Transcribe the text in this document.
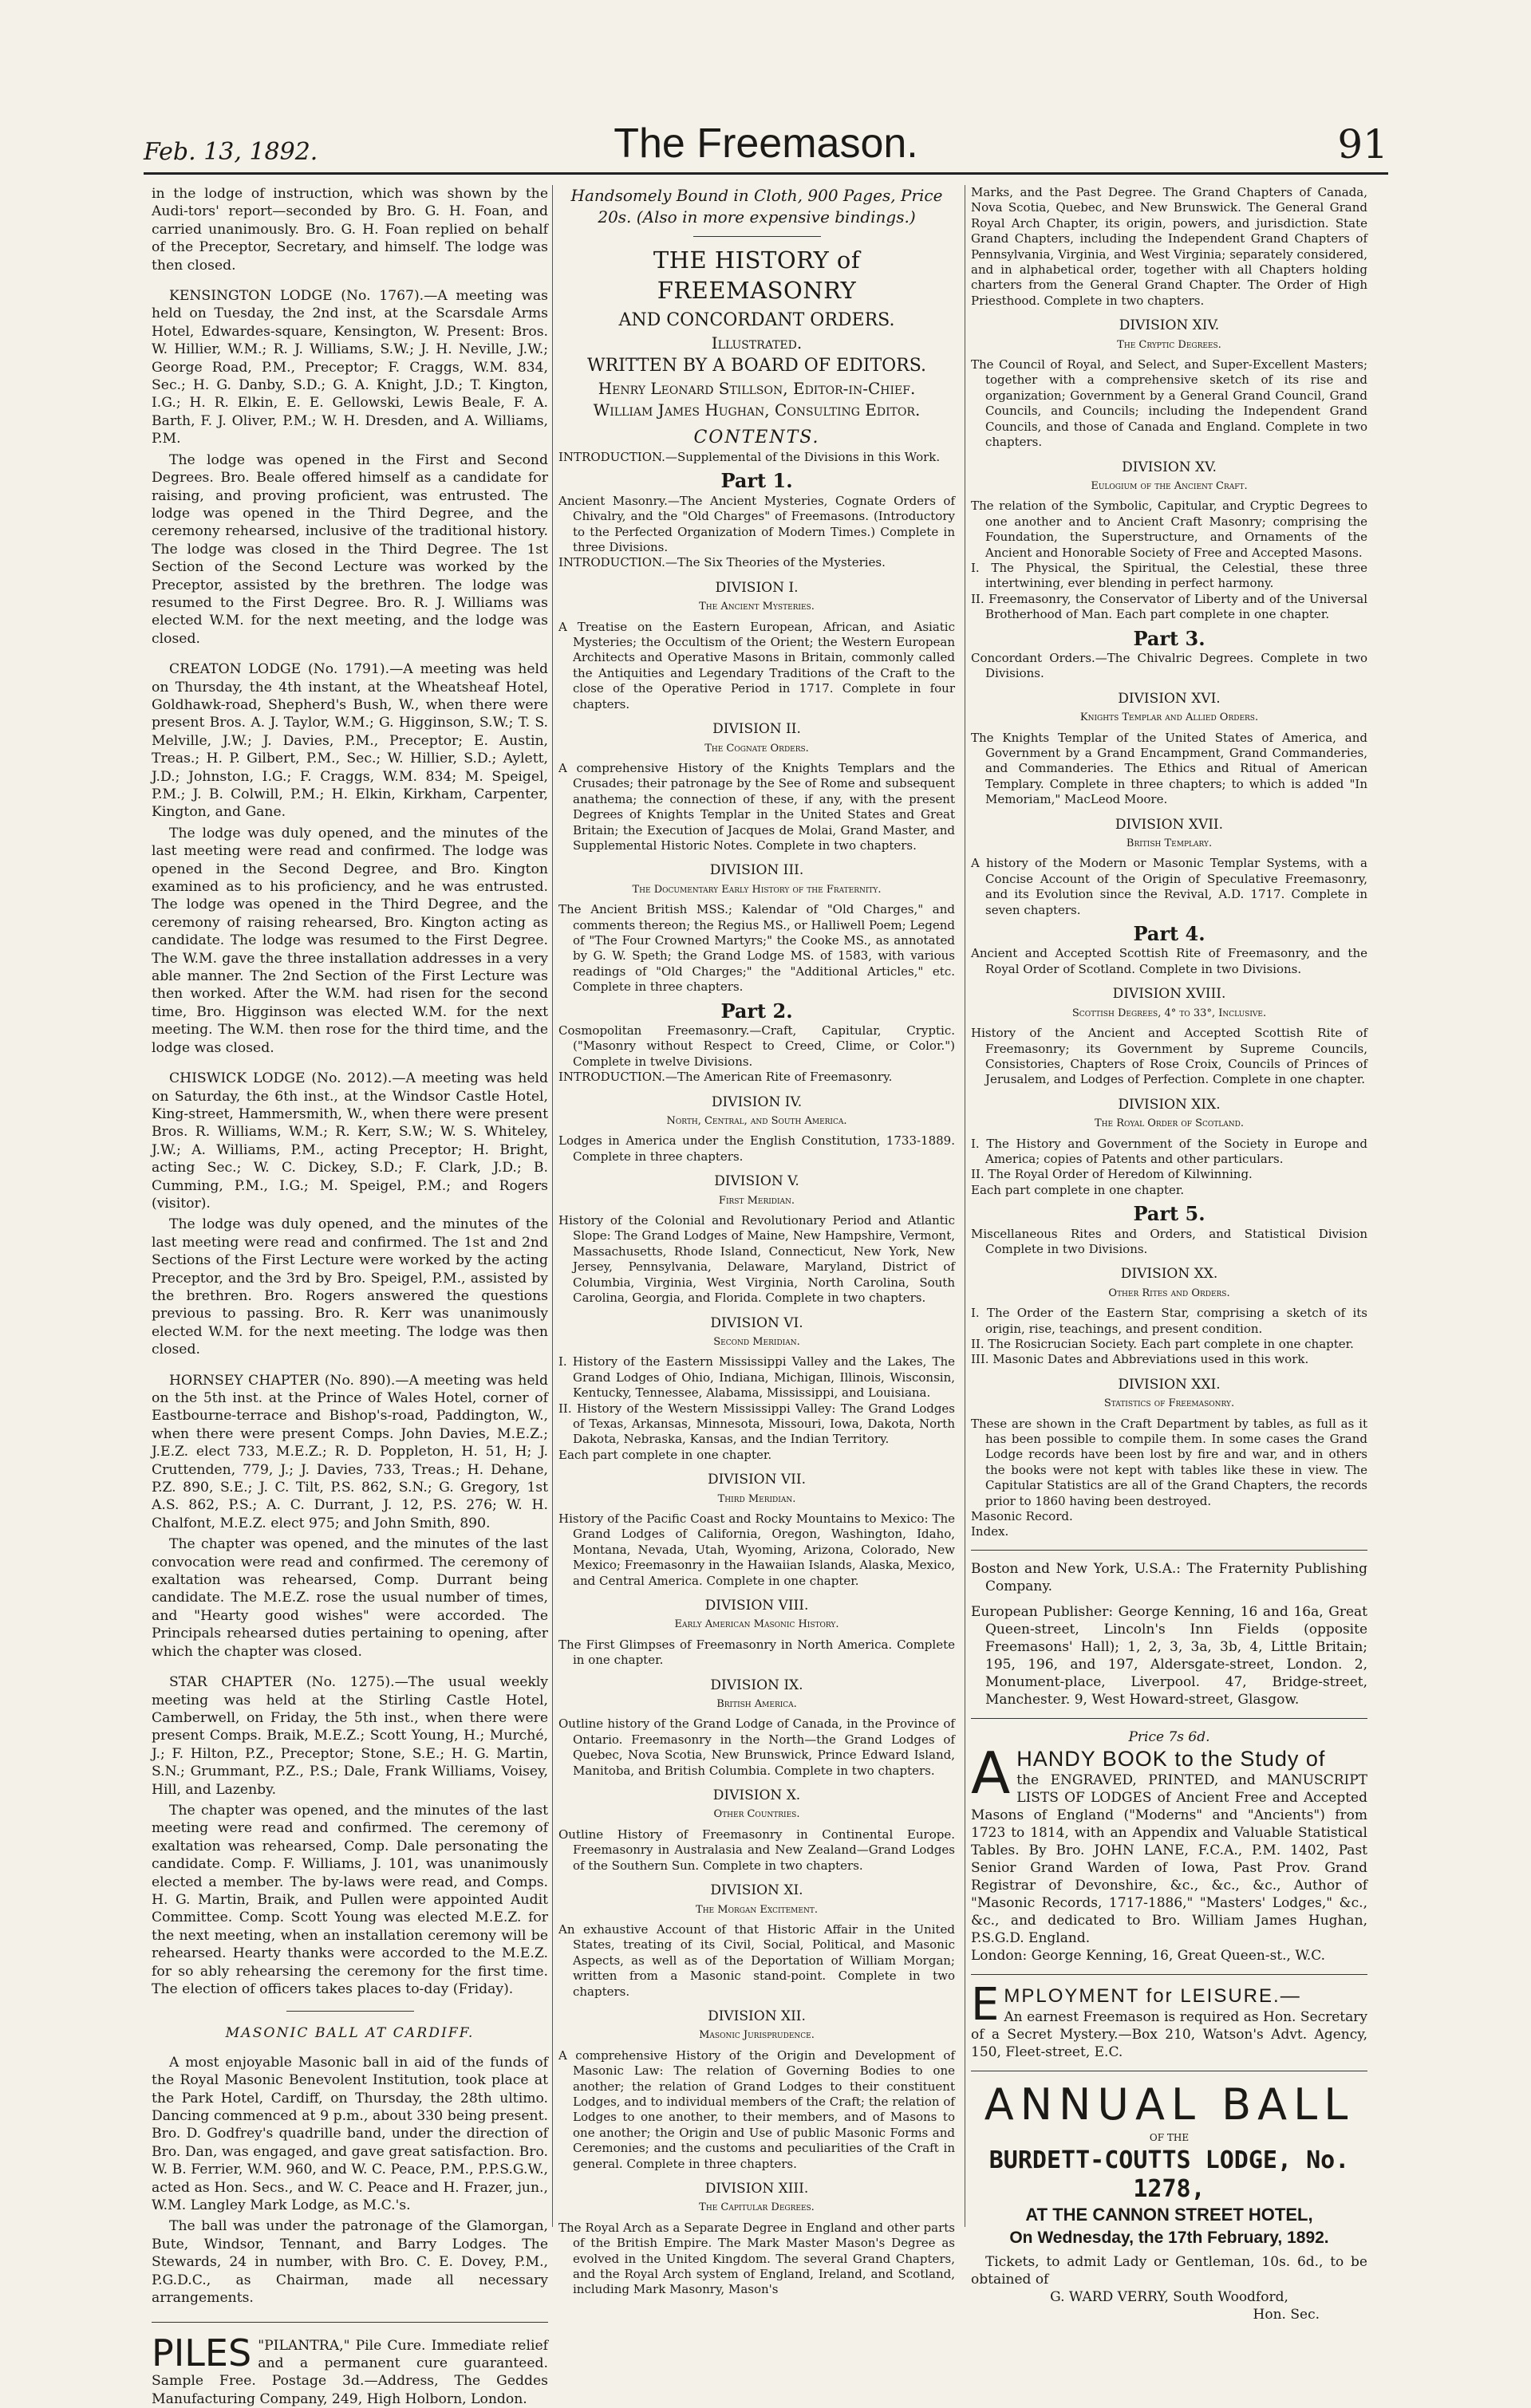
Feb. 13, 1892.	The Freemason.	91

in the lodge of instruction, which was shown by the Audi-tors' report—seconded by Bro. G. H. Foan, and carried unanimously. Bro. G. H. Foan replied on behalf of the Preceptor, Secretary, and himself. The lodge was then closed.

KENSINGTON LODGE (No. 1767).—A meeting was held on Tuesday, the 2nd inst, at the Scarsdale Arms Hotel, Edwardes-square, Kensington, W. Present: Bros. W. Hillier, W.M.; R. J. Williams, S.W.; J. H. Neville, J.W.; George Road, P.M., Preceptor; F. Craggs, W.M. 834, Sec.; H. G. Danby, S.D.; G. A. Knight, J.D.; T. Kington, I.G.; H. R. Elkin, E. E. Gellowski, Lewis Beale, F. A. Barth, F. J. Oliver, P.M.; W. H. Dresden, and A. Williams, P.M.

The lodge was opened in the First and Second Degrees. Bro. Beale offered himself as a candidate for raising, and proving proficient, was entrusted. The lodge was opened in the Third Degree, and the ceremony rehearsed, inclusive of the traditional history. The lodge was closed in the Third Degree. The 1st Section of the Second Lecture was worked by the Preceptor, assisted by the brethren. The lodge was resumed to the First Degree. Bro. R. J. Williams was elected W.M. for the next meeting, and the lodge was closed.

CREATON LODGE (No. 1791).—A meeting was held on Thursday, the 4th instant, at the Wheatsheaf Hotel, Goldhawk-road, Shepherd's Bush, W., when there were present Bros. A. J. Taylor, W.M.; G. Higginson, S.W.; T. S. Melville, J.W.; J. Davies, P.M., Preceptor; E. Austin, Treas.; H. P. Gilbert, P.M., Sec.; W. Hillier, S.D.; Aylett, J.D.; Johnston, I.G.; F. Craggs, W.M. 834; M. Speigel, P.M.; J. B. Colwill, P.M.; H. Elkin, Kirkham, Carpenter, Kington, and Gane.

The lodge was duly opened, and the minutes of the last meeting were read and confirmed. The lodge was opened in the Second Degree, and Bro. Kington examined as to his proficiency, and he was entrusted. The lodge was opened in the Third Degree, and the ceremony of raising rehearsed, Bro. Kington acting as candidate. The lodge was resumed to the First Degree. The W.M. gave the three installation addresses in a very able manner. The 2nd Section of the First Lecture was then worked. After the W.M. had risen for the second time, Bro. Higginson was elected W.M. for the next meeting. The W.M. then rose for the third time, and the lodge was closed.

CHISWICK LODGE (No. 2012).—A meeting was held on Saturday, the 6th inst., at the Windsor Castle Hotel, King-street, Hammersmith, W., when there were present Bros. R. Williams, W.M.; R. Kerr, S.W.; W. S. Whiteley, J.W.; A. Williams, P.M., acting Preceptor; H. Bright, acting Sec.; W. C. Dickey, S.D.; F. Clark, J.D.; B. Cumming, P.M., I.G.; M. Speigel, P.M.; and Rogers (visitor).

The lodge was duly opened, and the minutes of the last meeting were read and confirmed. The 1st and 2nd Sections of the First Lecture were worked by the acting Preceptor, and the 3rd by Bro. Speigel, P.M., assisted by the brethren. Bro. Rogers answered the questions previous to passing. Bro. R. Kerr was unanimously elected W.M. for the next meeting. The lodge was then closed.

HORNSEY CHAPTER (No. 890).—A meeting was held on the 5th inst. at the Prince of Wales Hotel, corner of Eastbourne-terrace and Bishop's-road, Paddington, W., when there were present Comps. John Davies, M.E.Z.; J.E.Z. elect 733, M.E.Z.; R. D. Poppleton, H. 51, H; J. Cruttenden, 779, J.; J. Davies, 733, Treas.; H. Dehane, P.Z. 890, S.E.; J. C. Tilt, P.S. 862, S.N.; G. Gregory, 1st A.S. 862, P.S.; A. C. Durrant, J. 12, P.S. 276; W. H. Chalfont, M.E.Z. elect 975; and John Smith, 890.

The chapter was opened, and the minutes of the last convocation were read and confirmed. The ceremony of exaltation was rehearsed, Comp. Durrant being candidate. The M.E.Z. rose the usual number of times, and "Hearty good wishes" were accorded. The Principals rehearsed duties pertaining to opening, after which the chapter was closed.

STAR CHAPTER (No. 1275).—The usual weekly meeting was held at the Stirling Castle Hotel, Camberwell, on Friday, the 5th inst., when there were present Comps. Braik, M.E.Z.; Scott Young, H.; Murché, J.; F. Hilton, P.Z., Preceptor; Stone, S.E.; H. G. Martin, S.N.; Grummant, P.Z., P.S.; Dale, Frank Williams, Voisey, Hill, and Lazenby.

The chapter was opened, and the minutes of the last meeting were read and confirmed. The ceremony of exaltation was rehearsed, Comp. Dale personating the candidate. Comp. F. Williams, J. 101, was unanimously elected a member. The by-laws were read, and Comps. H. G. Martin, Braik, and Pullen were appointed Audit Committee. Comp. Scott Young was elected M.E.Z. for the next meeting, when an installation ceremony will be rehearsed. Hearty thanks were accorded to the M.E.Z. for so ably rehearsing the ceremony for the first time. The election of officers takes places to-day (Friday).

MASONIC BALL AT CARDIFF.

A most enjoyable Masonic ball in aid of the funds of the Royal Masonic Benevolent Institution, took place at the Park Hotel, Cardiff, on Thursday, the 28th ultimo. Dancing commenced at 9 p.m., about 330 being present. Bro. D. Godfrey's quadrille band, under the direction of Bro. Dan, was engaged, and gave great satisfaction. Bro. W. B. Ferrier, W.M. 960, and W. C. Peace, P.M., P.P.S.G.W., acted as Hon. Secs., and W. C. Peace and H. Frazer, jun., W.M. Langley Mark Lodge, as M.C.'s.

The ball was under the patronage of the Glamorgan, Bute, Windsor, Tennant, and Barry Lodges. The Stewards, 24 in number, with Bro. C. E. Dovey, P.M., P.G.D.C., as Chairman, made all necessary arrangements.

PILES "PILANTRA," Pile Cure. Immediate relief and a permanent cure guaranteed. Sample Free. Postage 3d.—Address, The Geddes Manufacturing Company, 249, High Holborn, London.

Handsomely Bound in Cloth, 900 Pages, Price 20s. (Also in more expensive bindings.)

THE HISTORY of FREEMASONRY

AND CONCORDANT ORDERS.

Illustrated.

WRITTEN BY A BOARD OF EDITORS.

Henry Leonard Stillson, Editor-in-Chief.

William James Hughan, Consulting Editor.

CONTENTS.

INTRODUCTION.—Supplemental of the Divisions in this Work.

Part 1.

Ancient Masonry.—The Ancient Mysteries, Cognate Orders of Chivalry, and the "Old Charges" of Freemasons. (Introductory to the Perfected Organization of Modern Times.) Complete in three Divisions.

INTRODUCTION.—The Six Theories of the Mysteries.

DIVISION I.

The Ancient Mysteries.

A Treatise on the Eastern European, African, and Asiatic Mysteries; the Occultism of the Orient; the Western European Architects and Operative Masons in Britain, commonly called the Antiquities and Legendary Traditions of the Craft to the close of the Operative Period in 1717. Complete in four chapters.

DIVISION II.

The Cognate Orders.

A comprehensive History of the Knights Templars and the Crusades; their patronage by the See of Rome and subsequent anathema; the connection of these, if any, with the present Degrees of Knights Templar in the United States and Great Britain; the Execution of Jacques de Molai, Grand Master, and Supplemental Historic Notes. Complete in two chapters.

DIVISION III.

The Documentary Early History of the Fraternity.

The Ancient British MSS.; Kalendar of "Old Charges," and comments thereon; the Regius MS., or Halliwell Poem; Legend of "The Four Crowned Martyrs;" the Cooke MS., as annotated by G. W. Speth; the Grand Lodge MS. of 1583, with various readings of "Old Charges;" the "Additional Articles," etc. Complete in three chapters.

Part 2.

Cosmopolitan Freemasonry.—Craft, Capitular, Cryptic. ("Masonry without Respect to Creed, Clime, or Color.") Complete in twelve Divisions.

INTRODUCTION.—The American Rite of Freemasonry.

DIVISION IV.

North, Central, and South America.

Lodges in America under the English Constitution, 1733-1889. Complete in three chapters.

DIVISION V.

First Meridian.

History of the Colonial and Revolutionary Period and Atlantic Slope: The Grand Lodges of Maine, New Hampshire, Vermont, Massachusetts, Rhode Island, Connecticut, New York, New Jersey, Pennsylvania, Delaware, Maryland, District of Columbia, Virginia, West Virginia, North Carolina, South Carolina, Georgia, and Florida. Complete in two chapters.

DIVISION VI.

Second Meridian.

I. History of the Eastern Mississippi Valley and the Lakes, The Grand Lodges of Ohio, Indiana, Michigan, Illinois, Wisconsin, Kentucky, Tennessee, Alabama, Mississippi, and Louisiana.

II. History of the Western Mississippi Valley: The Grand Lodges of Texas, Arkansas, Minnesota, Missouri, Iowa, Dakota, North Dakota, Nebraska, Kansas, and the Indian Territory.

Each part complete in one chapter.

DIVISION VII.

Third Meridian.

History of the Pacific Coast and Rocky Mountains to Mexico: The Grand Lodges of California, Oregon, Washington, Idaho, Montana, Nevada, Utah, Wyoming, Arizona, Colorado, New Mexico; Freemasonry in the Hawaiian Islands, Alaska, Mexico, and Central America. Complete in one chapter.

DIVISION VIII.

Early American Masonic History.

The First Glimpses of Freemasonry in North America. Complete in one chapter.

DIVISION IX.

British America.

Outline history of the Grand Lodge of Canada, in the Province of Ontario. Freemasonry in the North—the Grand Lodges of Quebec, Nova Scotia, New Brunswick, Prince Edward Island, Manitoba, and British Columbia. Complete in two chapters.

DIVISION X.

Other Countries.

Outline History of Freemasonry in Continental Europe. Freemasonry in Australasia and New Zealand—Grand Lodges of the Southern Sun. Complete in two chapters.

DIVISION XI.

The Morgan Excitement.

An exhaustive Account of that Historic Affair in the United States, treating of its Civil, Social, Political, and Masonic Aspects, as well as of the Deportation of William Morgan; written from a Masonic stand-point. Complete in two chapters.

DIVISION XII.

Masonic Jurisprudence.

A comprehensive History of the Origin and Development of Masonic Law: The relation of Governing Bodies to one another; the relation of Grand Lodges to their constituent Lodges, and to individual members of the Craft; the relation of Lodges to one another, to their members, and of Masons to one another; the Origin and Use of public Masonic Forms and Ceremonies; and the customs and peculiarities of the Craft in general. Complete in three chapters.

DIVISION XIII.

The Capitular Degrees.

The Royal Arch as a Separate Degree in England and other parts of the British Empire. The Mark Master Mason's Degree as evolved in the United Kingdom. The several Grand Chapters, and the Royal Arch system of England, Ireland, and Scotland, including Mark Masonry, Mason's

Marks, and the Past Degree. The Grand Chapters of Canada, Nova Scotia, Quebec, and New Brunswick. The General Grand Royal Arch Chapter, its origin, powers, and jurisdiction. State Grand Chapters, including the Independent Grand Chapters of Pennsylvania, Virginia, and West Virginia; separately considered, and in alphabetical order, together with all Chapters holding charters from the General Grand Chapter. The Order of High Priesthood. Complete in two chapters.

DIVISION XIV.

The Cryptic Degrees.

The Council of Royal, and Select, and Super-Excellent Masters; together with a comprehensive sketch of its rise and organization; Government by a General Grand Council, Grand Councils, and Councils; including the Independent Grand Councils, and those of Canada and England. Complete in two chapters.

DIVISION XV.

Eulogium of the Ancient Craft.

The relation of the Symbolic, Capitular, and Cryptic Degrees to one another and to Ancient Craft Masonry; comprising the Foundation, the Superstructure, and Ornaments of the Ancient and Honorable Society of Free and Accepted Masons.

I. The Physical, the Spiritual, the Celestial, these three intertwining, ever blending in perfect harmony.

II. Freemasonry, the Conservator of Liberty and of the Universal Brotherhood of Man. Each part complete in one chapter.

Part 3.

Concordant Orders.—The Chivalric Degrees. Complete in two Divisions.

DIVISION XVI.

Knights Templar and Allied Orders.

The Knights Templar of the United States of America, and Government by a Grand Encampment, Grand Commanderies, and Commanderies. The Ethics and Ritual of American Templary. Complete in three chapters; to which is added "In Memoriam," MacLeod Moore.

DIVISION XVII.

British Templary.

A history of the Modern or Masonic Templar Systems, with a Concise Account of the Origin of Speculative Freemasonry, and its Evolution since the Revival, A.D. 1717. Complete in seven chapters.

Part 4.

Ancient and Accepted Scottish Rite of Freemasonry, and the Royal Order of Scotland. Complete in two Divisions.

DIVISION XVIII.

Scottish Degrees, 4° to 33°, Inclusive.

History of the Ancient and Accepted Scottish Rite of Freemasonry; its Government by Supreme Councils, Consistories, Chapters of Rose Croix, Councils of Princes of Jerusalem, and Lodges of Perfection. Complete in one chapter.

DIVISION XIX.

The Royal Order of Scotland.

I. The History and Government of the Society in Europe and America; copies of Patents and other particulars.

II. The Royal Order of Heredom of Kilwinning.

Each part complete in one chapter.

Part 5.

Miscellaneous Rites and Orders, and Statistical Division Complete in two Divisions.

DIVISION XX.

Other Rites and Orders.

I. The Order of the Eastern Star, comprising a sketch of its origin, rise, teachings, and present condition.

II. The Rosicrucian Society. Each part complete in one chapter.

III. Masonic Dates and Abbreviations used in this work.

DIVISION XXI.

Statistics of Freemasonry.

These are shown in the Craft Department by tables, as full as it has been possible to compile them. In some cases the Grand Lodge records have been lost by fire and war, and in others the books were not kept with tables like these in view. The Capitular Statistics are all of the Grand Chapters, the records prior to 1860 having been destroyed.

Masonic Record.

Index.

Boston and New York, U.S.A.: The Fraternity Publishing Company.

European Publisher: George Kenning, 16 and 16a, Great Queen-street, Lincoln's Inn Fields (opposite Freemasons' Hall); 1, 2, 3, 3a, 3b, 4, Little Britain; 195, 196, and 197, Aldersgate-street, London. 2, Monument-place, Liverpool. 47, Bridge-street, Manchester. 9, West Howard-street, Glasgow.

Price 7s 6d.

A HANDY BOOK to the Study of

the ENGRAVED, PRINTED, and MANUSCRIPT LISTS OF LODGES of Ancient Free and Accepted Masons of England ("Moderns" and "Ancients") from 1723 to 1814, with an Appendix and Valuable Statistical Tables. By Bro. JOHN LANE, F.C.A., P.M. 1402, Past Senior Grand Warden of Iowa, Past Prov. Grand Registrar of Devonshire, &c., &c., &c., Author of "Masonic Records, 1717-1886," "Masters' Lodges," &c., &c., and dedicated to Bro. William James Hughan, P.S.G.D. England.

London: George Kenning, 16, Great Queen-st., W.C.

E MPLOYMENT for LEISURE.—

An earnest Freemason is required as Hon. Secretary of a Secret Mystery.—Box 210, Watson's Advt. Agency, 150, Fleet-street, E.C.

ANNUAL BALL

OF THE

BURDETT-COUTTS LODGE, No. 1278,

AT THE CANNON STREET HOTEL,

On Wednesday, the 17th February, 1892.

Tickets, to admit Lady or Gentleman, 10s. 6d., to be obtained of

G. WARD VERRY, South Woodford,

Hon. Sec.
